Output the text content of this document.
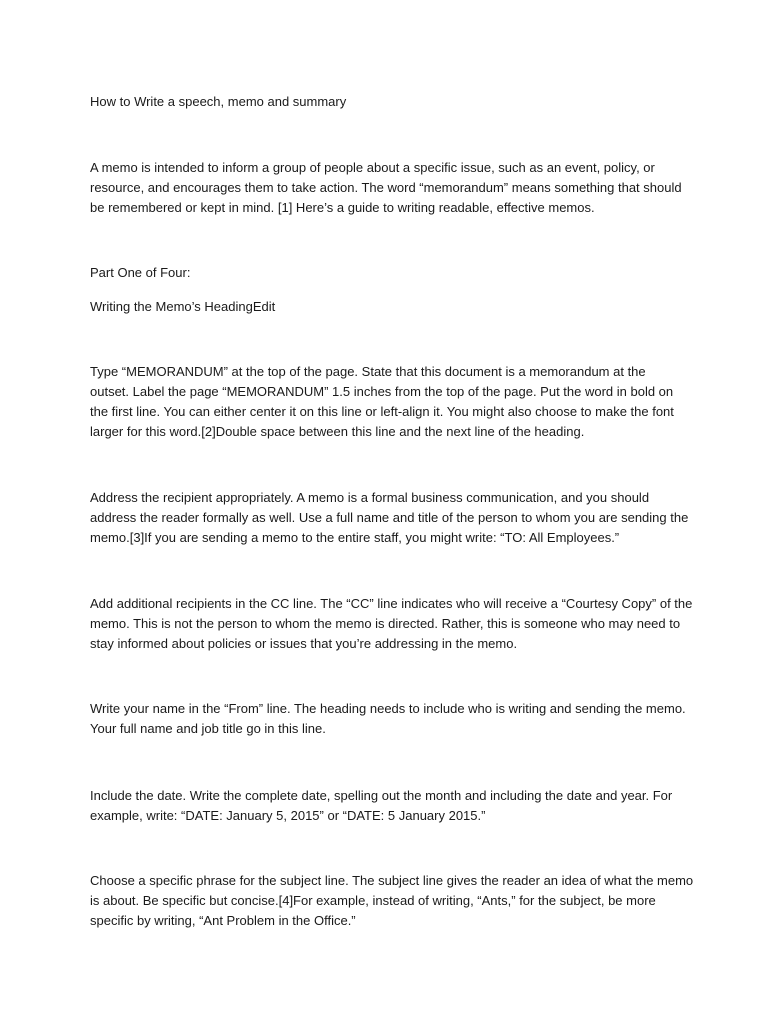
How to Write a speech, memo and summary

A memo is intended to inform a group of people about a specific issue, such as an event, policy, or

resource, and encourages them to take action. The word “memorandum” means something that should

be remembered or kept in mind. [1] Here’s a guide to writing readable, effective memos.

Part One of Four:

Writing the Memo’s HeadingEdit

Type “MEMORANDUM” at the top of the page. State that this document is a memorandum at the

outset. Label the page “MEMORANDUM” 1.5 inches from the top of the page. Put the word in bold on

the first line. You can either center it on this line or left-align it. You might also choose to make the font

larger for this word.[2]Double space between this line and the next line of the heading.

Address the recipient appropriately. A memo is a formal business communication, and you should

address the reader formally as well. Use a full name and title of the person to whom you are sending the

memo.[3]If you are sending a memo to the entire staff, you might write: “TO: All Employees.”

Add additional recipients in the CC line. The “CC” line indicates who will receive a “Courtesy Copy” of the

memo. This is not the person to whom the memo is directed. Rather, this is someone who may need to

stay informed about policies or issues that you’re addressing in the memo.

Write your name in the “From” line. The heading needs to include who is writing and sending the memo.

Your full name and job title go in this line.

Include the date. Write the complete date, spelling out the month and including the date and year. For

example, write: “DATE: January 5, 2015” or “DATE: 5 January 2015.”

Choose a specific phrase for the subject line. The subject line gives the reader an idea of what the memo

is about. Be specific but concise.[4]For example, instead of writing, “Ants,” for the subject, be more

specific by writing, “Ant Problem in the Office.”
